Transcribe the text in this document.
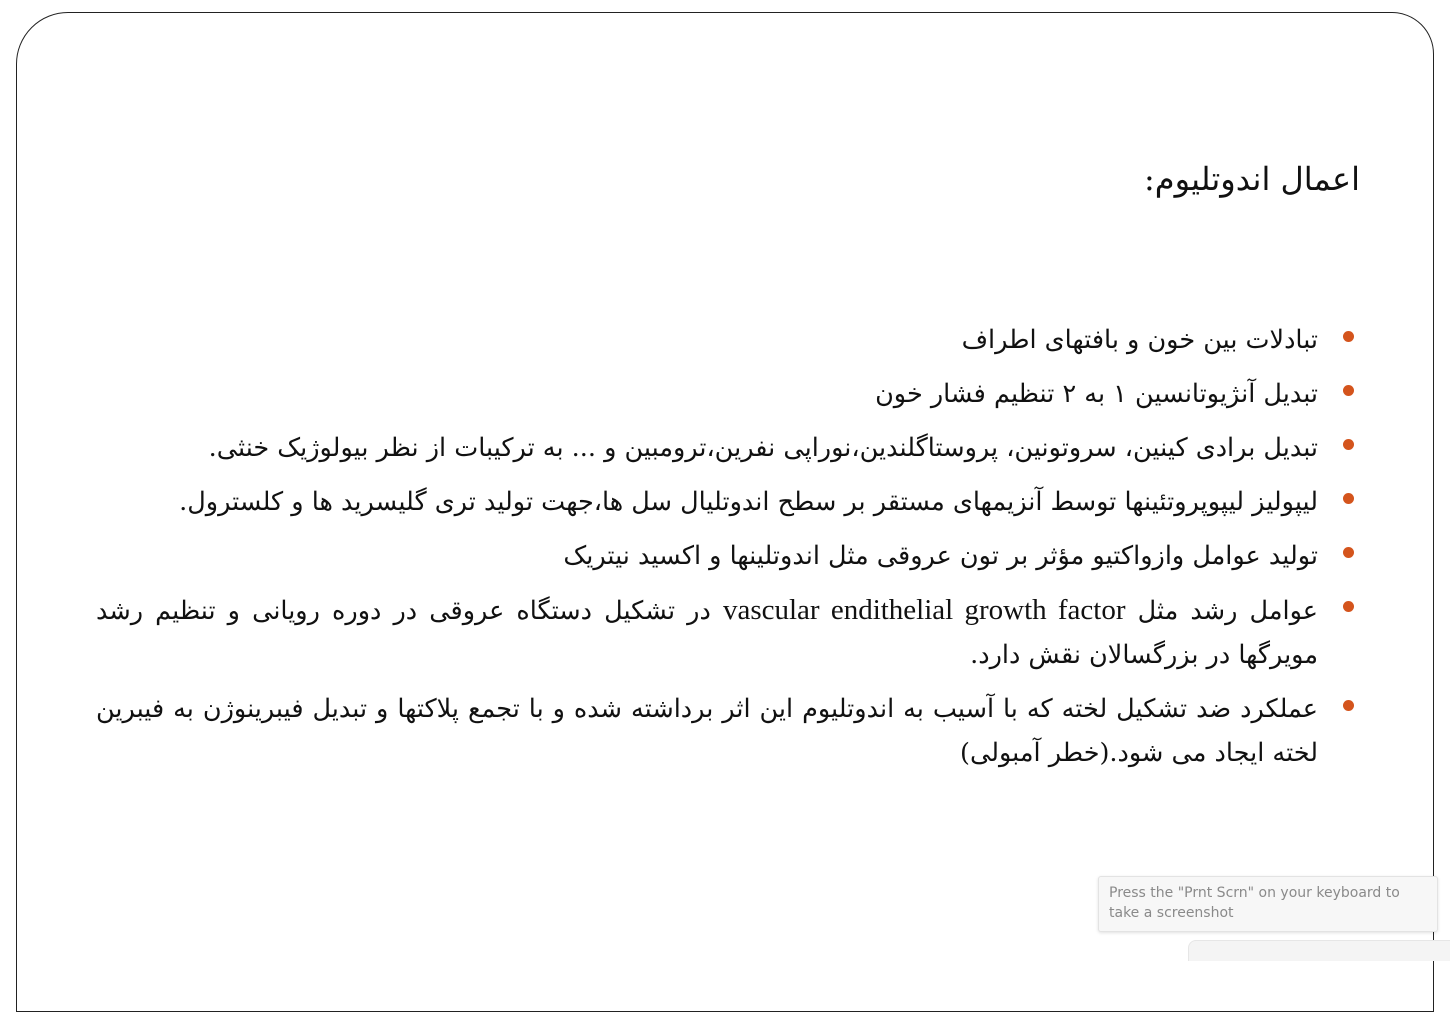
اعمال اندوتلیوم:
تبادلات بین خون و بافتهای اطراف
تبدیل آنژیوتانسین ۱ به ۲ تنظیم فشار خون
تبدیل برادی کینین، سروتونین، پروستاگلندین،نوراپی نفرین،ترومبین و ... به ترکیبات از نظر بیولوژیک خنثی.
لیپولیز لیپوپروتئینها توسط آنزیمهای مستقر بر سطح اندوتلیال سل ها،جهت تولید تری گلیسرید ها و کلسترول.
تولید عوامل وازواکتیو مؤثر بر تون عروقی مثل اندوتلینها و اکسید نیتریک
عوامل رشد مثل vascular endithelial growth factor در تشکیل دستگاه عروقی در دوره رویانی و تنظیم رشد مویرگها در بزرگسالان نقش دارد.
عملکرد ضد تشکیل لخته که با آسیب به اندوتلیوم این اثر برداشته شده و با تجمع پلاکتها و تبدیل فیبرینوژن به فیبرین لخته ایجاد می شود.(خطر آمبولی)
Press the "Prnt Scrn" on your keyboard to take a screenshot
